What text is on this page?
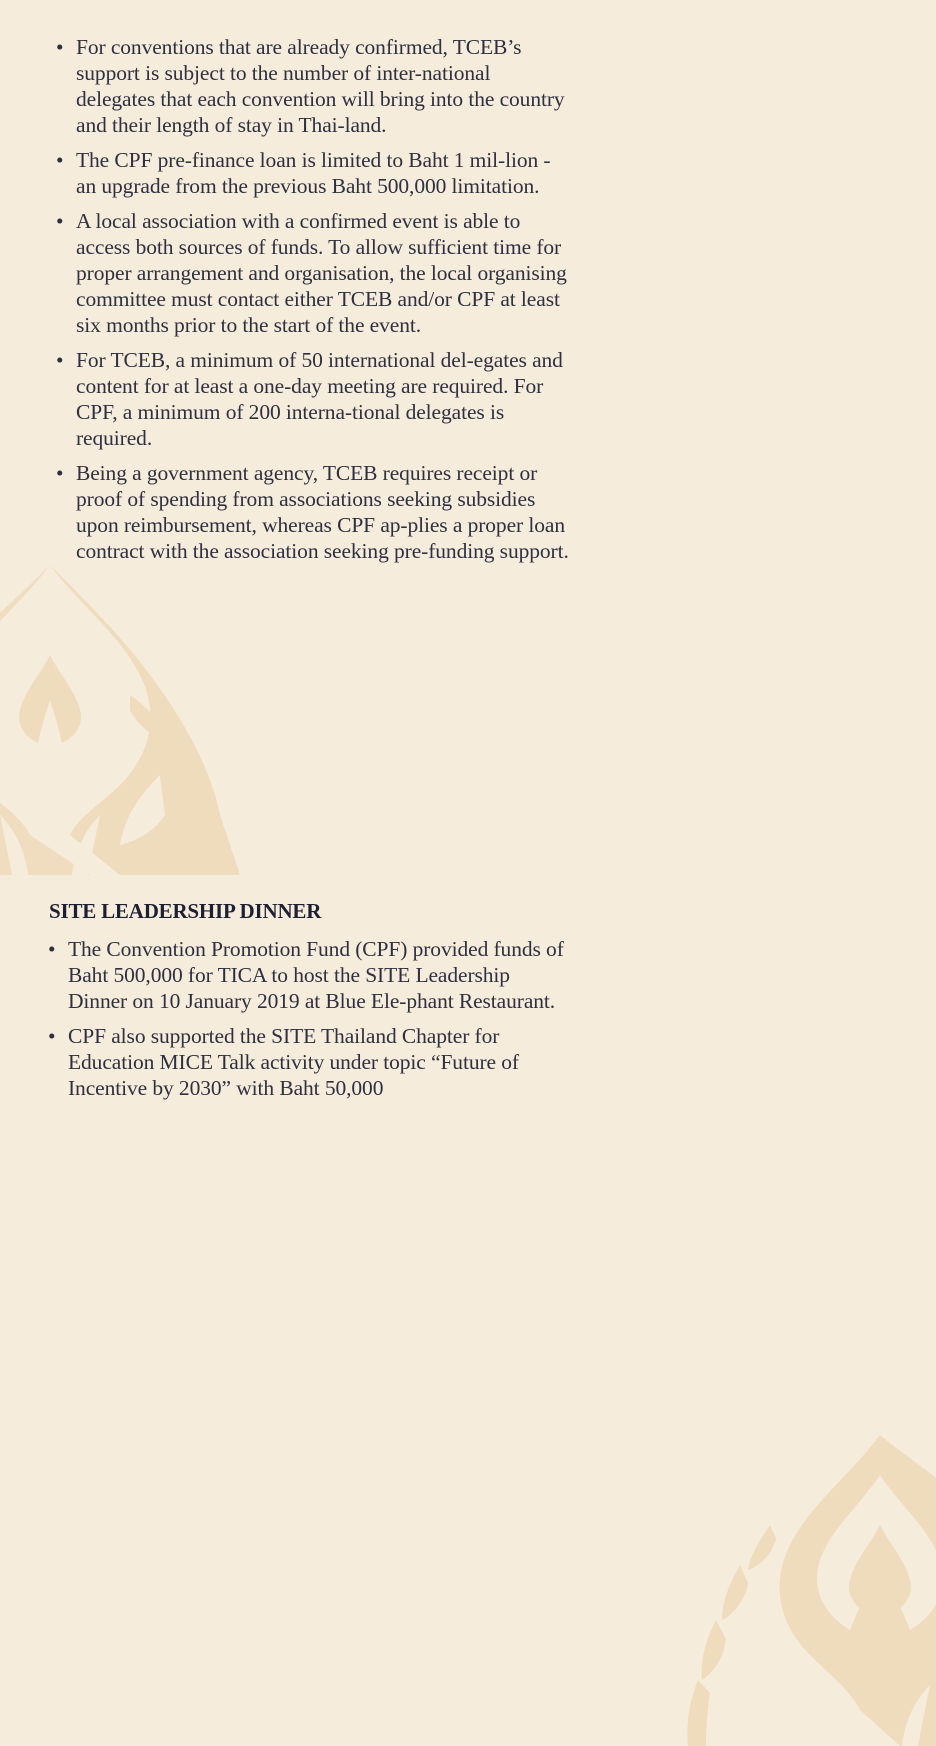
• For conventions that are already confirmed, TCEB’s support is subject to the number of inter-national delegates that each convention will bring into the country and their length of stay in Thai-land.
• The CPF pre-finance loan is limited to Baht 1 mil-lion - an upgrade from the previous Baht 500,000 limitation.
• A local association with a confirmed event is able to access both sources of funds. To allow sufficient time for proper arrangement and organisation, the local organising committee must contact either TCEB and/or CPF at least six months prior to the start of the event.
• For TCEB, a minimum of 50 international del-egates and content for at least a one-day meeting are required. For CPF, a minimum of 200 interna-tional delegates is required.
• Being a government agency, TCEB requires receipt or proof of spending from associations seeking subsidies upon reimbursement, whereas CPF ap-plies a proper loan contract with the association seeking pre-funding support.
SITE LEADERSHIP DINNER
• The Convention Promotion Fund (CPF) provided funds of Baht 500,000 for TICA to host the SITE Leadership Dinner on 10 January 2019 at Blue Ele-phant Restaurant.
• CPF also supported the SITE Thailand Chapter for Education MICE Talk activity under topic “Future of Incentive by 2030” with Baht 50,000
